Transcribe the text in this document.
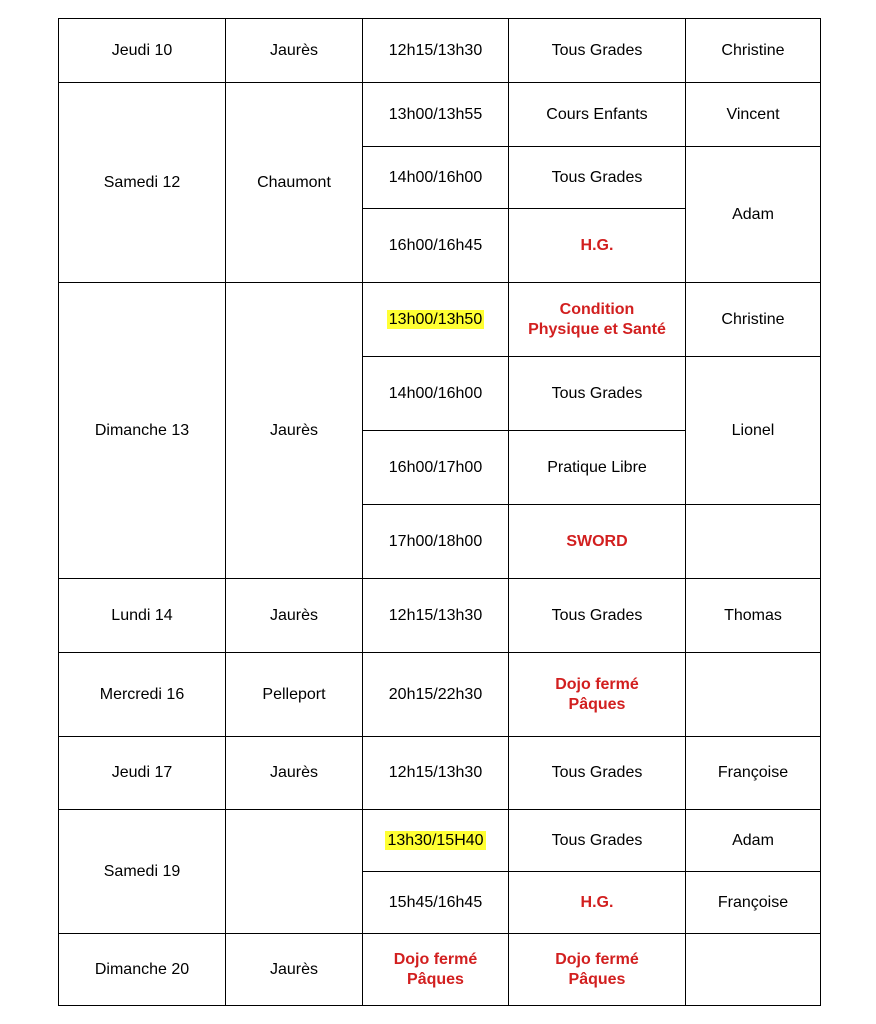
Jeudi 10	Jaurès	12h15/13h30	Tous Grades	Christine
Samedi 12	Chaumont	13h00/13h55	Cours Enfants	Vincent
		14h00/16h00	Tous Grades	Adam
		16h00/16h45	H.G.	
Dimanche 13	Jaurès	13h00/13h50	Condition
Physique et Santé	Christine
		14h00/16h00	Tous Grades	Lionel
		16h00/17h00	Pratique Libre	
		17h00/18h00	SWORD	
Lundi 14	Jaurès	12h15/13h30	Tous Grades	Thomas
Mercredi 16	Pelleport	20h15/22h30	Dojo fermé
Pâques	
Jeudi 17	Jaurès	12h15/13h30	Tous Grades	Françoise
Samedi 19		13h30/15H40	Tous Grades	Adam
		15h45/16h45	H.G.	Françoise
Dimanche 20	Jaurès	Dojo fermé
Pâques	Dojo fermé
Pâques	
